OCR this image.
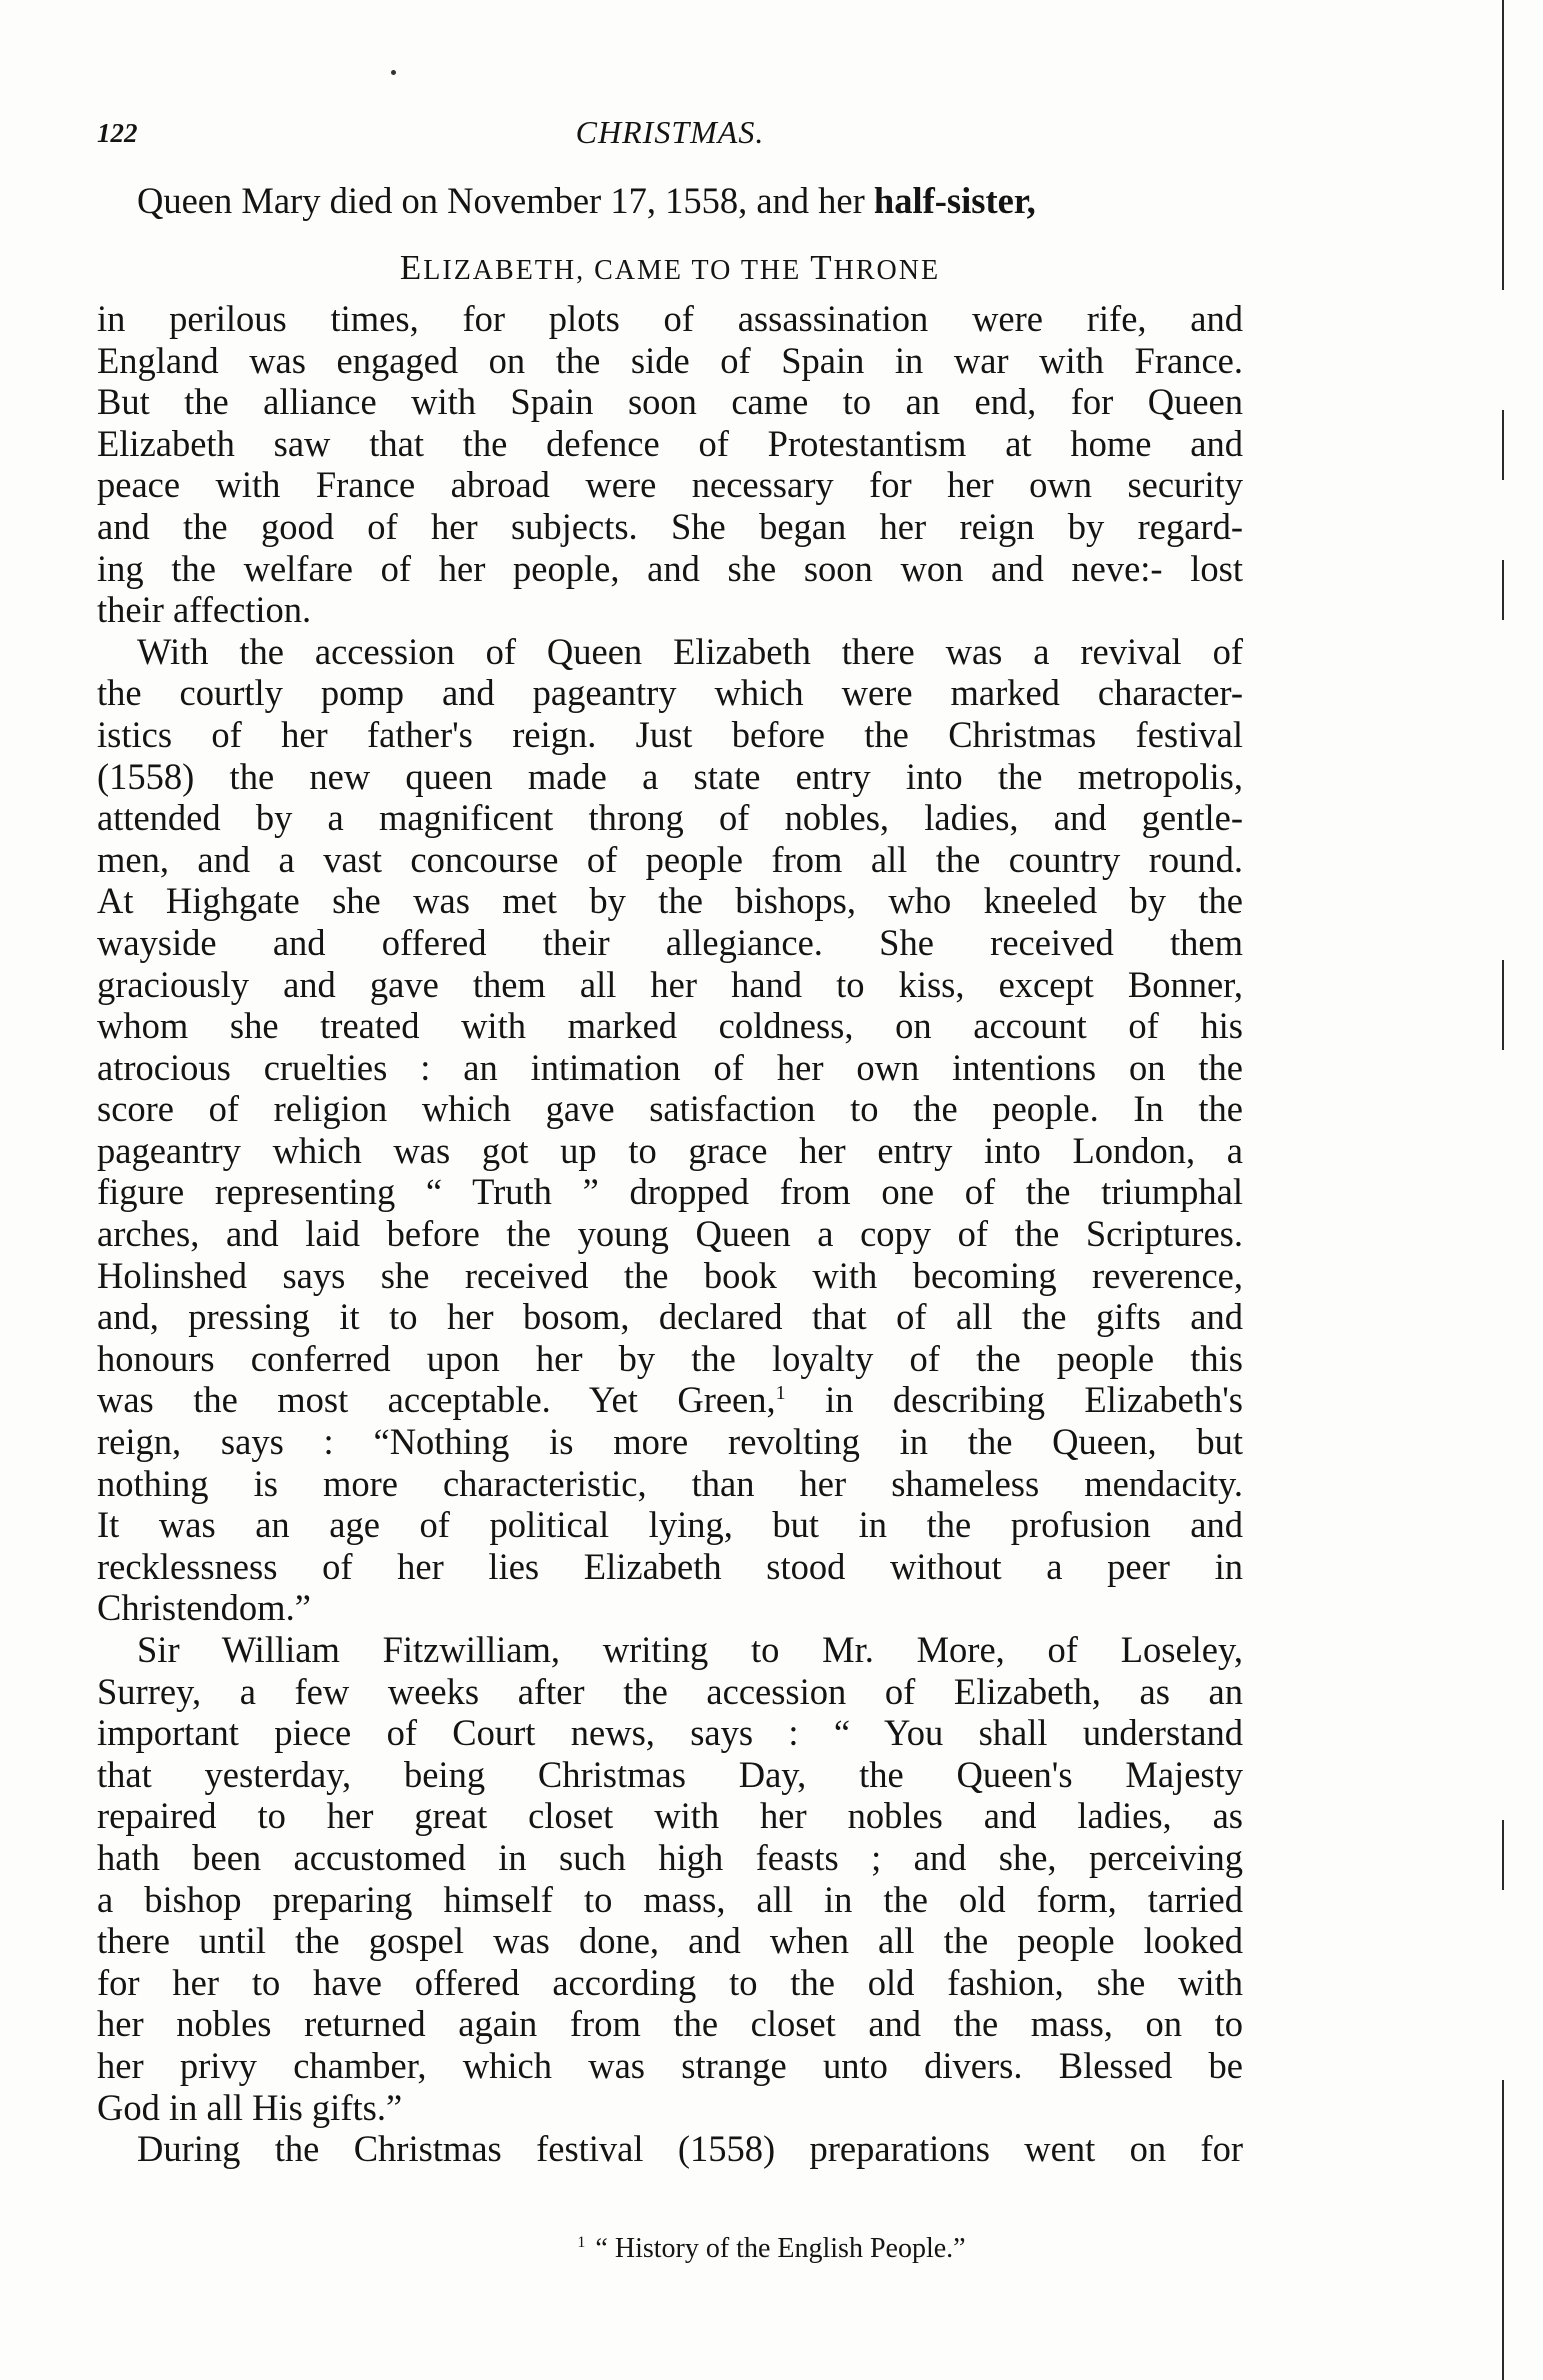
122	CHRISTMAS.
Queen Mary died on November 17, 1558, and her half-sister,
ELIZABETH, CAME TO THE THRONE
in perilous times, for plots of assassination were rife, and
England was engaged on the side of Spain in war with France.
But the alliance with Spain soon came to an end, for Queen
Elizabeth saw that the defence of Protestantism at home and
peace with France abroad were necessary for her own security
and the good of her subjects. She began her reign by regard-
ing the welfare of her people, and she soon won and neve:- lost
their affection.
With the accession of Queen Elizabeth there was a revival of
the courtly pomp and pageantry which were marked character-
istics of her father's reign. Just before the Christmas festival
(1558) the new queen made a state entry into the metropolis,
attended by a magnificent throng of nobles, ladies, and gentle-
men, and a vast concourse of people from all the country round.
At Highgate she was met by the bishops, who kneeled by the
wayside and offered their allegiance. She received them
graciously and gave them all her hand to kiss, except Bonner,
whom she treated with marked coldness, on account of his
atrocious cruelties : an intimation of her own intentions on the
score of religion which gave satisfaction to the people. In the
pageantry which was got up to grace her entry into London, a
figure representing “ Truth ” dropped from one of the triumphal
arches, and laid before the young Queen a copy of the Scriptures.
Holinshed says she received the book with becoming reverence,
and, pressing it to her bosom, declared that of all the gifts and
honours conferred upon her by the loyalty of the people this
was the most acceptable. Yet Green,$^1$ in describing Elizabeth's
reign, says : “Nothing is more revolting in the Queen, but
nothing is more characteristic, than her shameless mendacity.
It was an age of political lying, but in the profusion and
recklessness of her lies Elizabeth stood without a peer in
Christendom.”
Sir William Fitzwilliam, writing to Mr. More, of Loseley,
Surrey, a few weeks after the accession of Elizabeth, as an
important piece of Court news, says : “ You shall understand
that yesterday, being Christmas Day, the Queen's Majesty
repaired to her great closet with her nobles and ladies, as
hath been accustomed in such high feasts ; and she, perceiving
a bishop preparing himself to mass, all in the old form, tarried
there until the gospel was done, and when all the people looked
for her to have offered according to the old fashion, she with
her nobles returned again from the closet and the mass, on to
her privy chamber, which was strange unto divers. Blessed be
God in all His gifts.”
During the Christmas festival (1558) preparations went on for
$^1$ “ History of the English People.”
